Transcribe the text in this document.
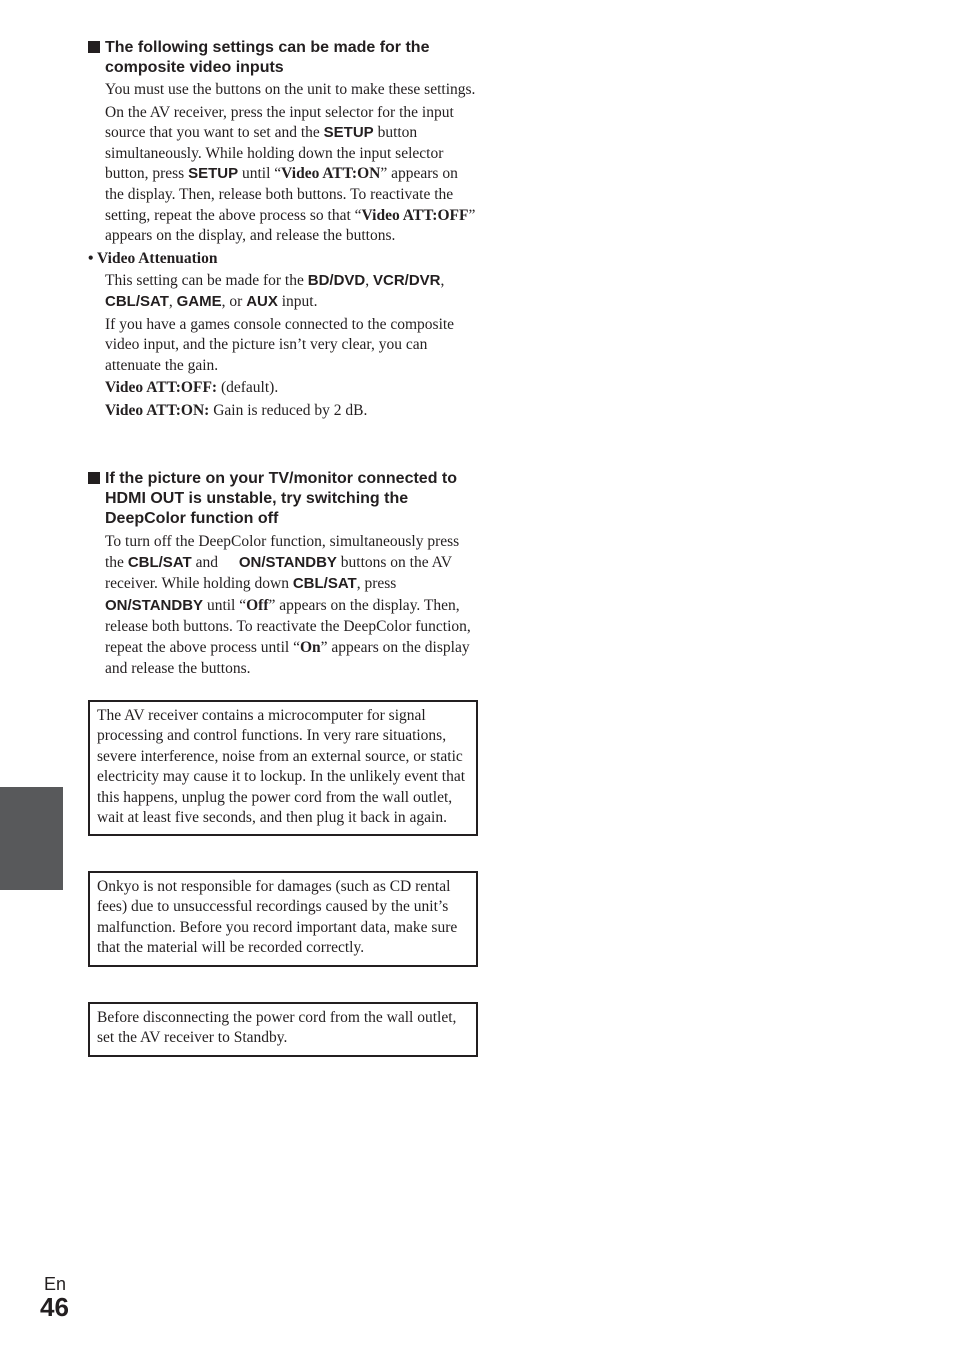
The following settings can be made for the
composite video inputs

You must use the buttons on the unit to make these settings.

On the AV receiver, press the input selector for the input source that you want to set and the SETUP button simultaneously. While holding down the input selector button, press SETUP until “Video ATT:ON” appears on the display. Then, release both buttons. To reactivate the setting, repeat the above process so that “Video ATT:OFF” appears on the display, and release the buttons.

• Video Attenuation

This setting can be made for the BD/DVD, VCR/DVR, CBL/SAT, GAME, or AUX input.

If you have a games console connected to the composite video input, and the picture isn’t very clear, you can attenuate the gain.

Video ATT:OFF: (default).

Video ATT:ON: Gain is reduced by 2 dB.

If the picture on your TV/monitor connected to
HDMI OUT is unstable, try switching the
DeepColor function off

To turn off the DeepColor function, simultaneously press the CBL/SAT and ON/STANDBY buttons on the AV receiver. While holding down CBL/SAT, press ON/STANDBY until “Off” appears on the display. Then, release both buttons. To reactivate the DeepColor function, repeat the above process until “On” appears on the display and release the buttons.

The AV receiver contains a microcomputer for signal processing and control functions. In very rare situations, severe interference, noise from an external source, or static electricity may cause it to lockup. In the unlikely event that this happens, unplug the power cord from the wall outlet, wait at least five seconds, and then plug it back in again.
Onkyo is not responsible for damages (such as CD rental fees) due to unsuccessful recordings caused by the unit’s malfunction. Before you record important data, make sure that the material will be recorded correctly.
Before disconnecting the power cord from the wall outlet, set the AV receiver to Standby.
En
46
